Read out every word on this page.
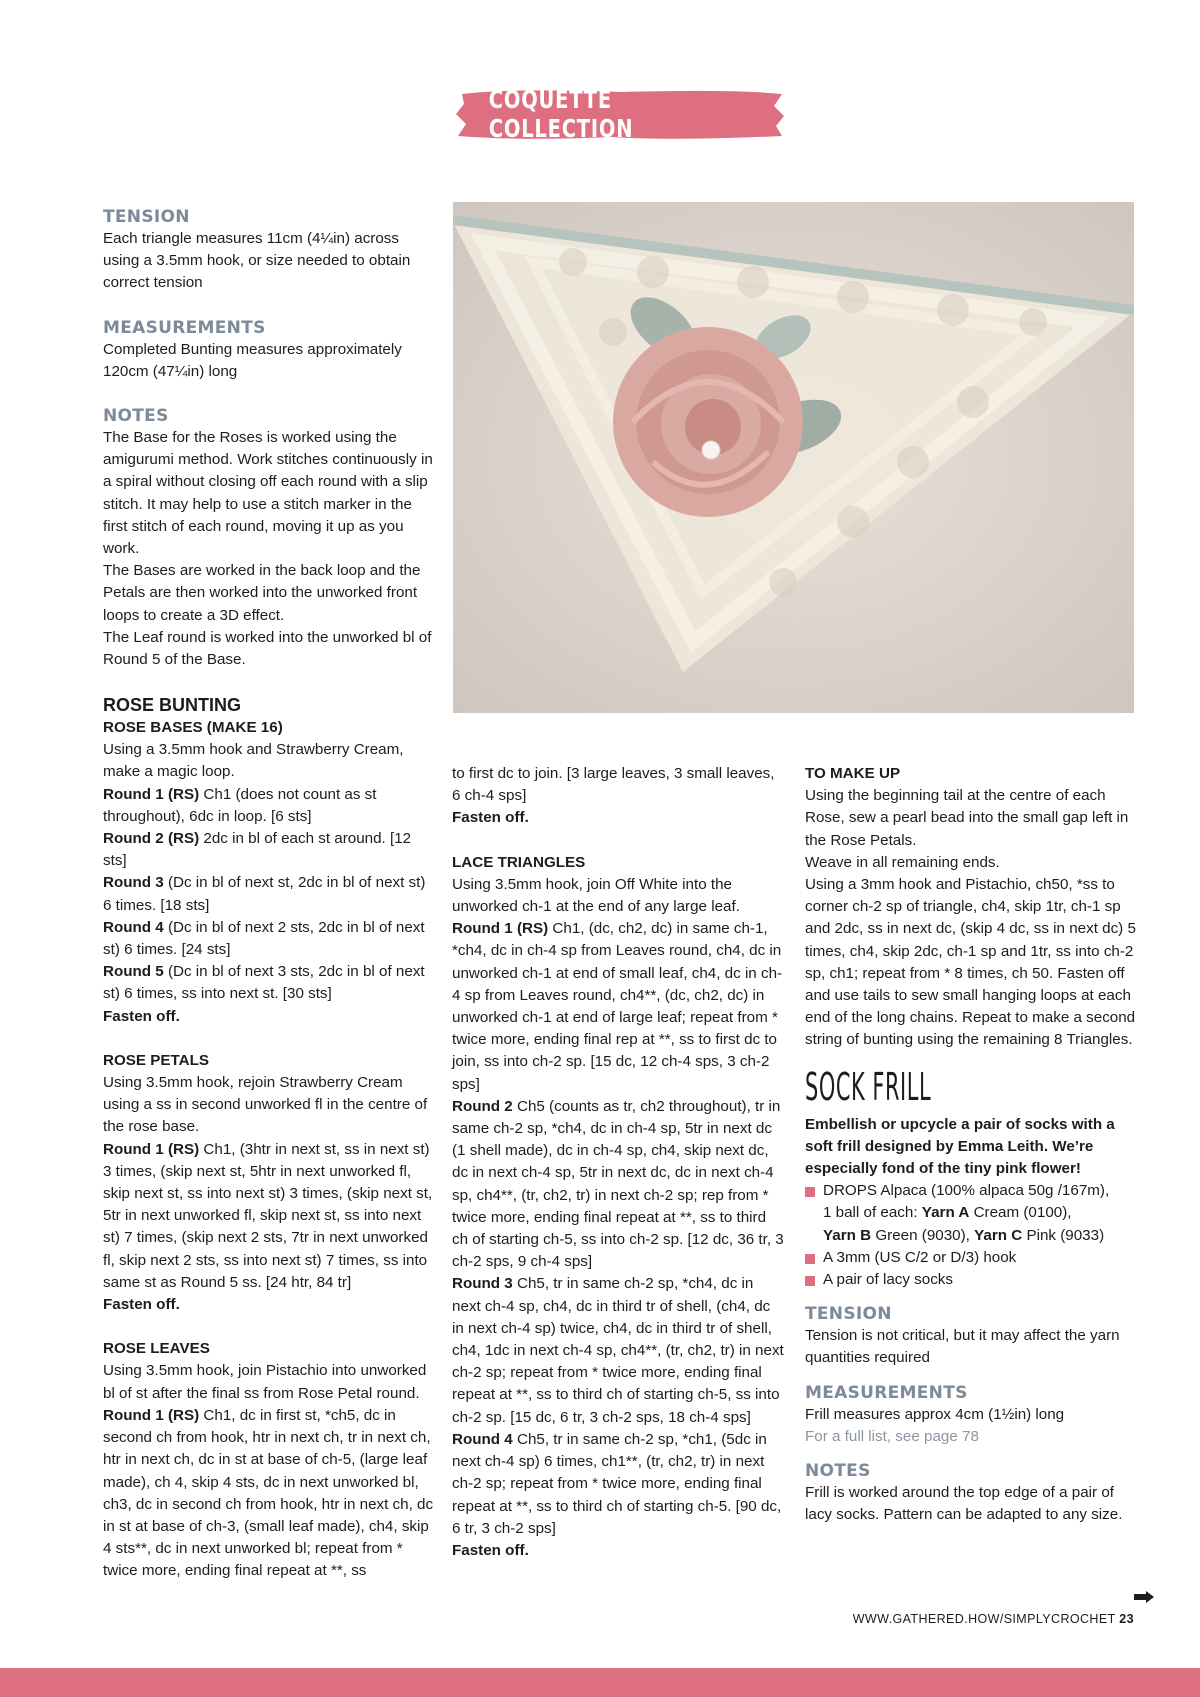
COQUETTE COLLECTION
TENSION

Each triangle measures 11cm (4¼in) across using a 3.5mm hook, or size needed to obtain correct tension

MEASUREMENTS

Completed Bunting measures approximately 120cm (47¼in) long

NOTES

The Base for the Roses is worked using the amigurumi method. Work stitches continuously in a spiral without closing off each round with a slip stitch. It may help to use a stitch marker in the first stitch of each round, moving it up as you work.

The Bases are worked in the back loop and the Petals are then worked into the unworked front loops to create a 3D effect.

The Leaf round is worked into the unworked bl of Round 5 of the Base.

ROSE BUNTING
ROSE BASES (MAKE 16)

Using a 3.5mm hook and Strawberry Cream, make a magic loop.

Round 1 (RS) Ch1 (does not count as st throughout), 6dc in loop. [6 sts]

Round 2 (RS) 2dc in bl of each st around. [12 sts]

Round 3 (Dc in bl of next st, 2dc in bl of next st) 6 times. [18 sts]

Round 4 (Dc in bl of next 2 sts, 2dc in bl of next st) 6 times. [24 sts]

Round 5 (Dc in bl of next 3 sts, 2dc in bl of next st) 6 times, ss into next st. [30 sts]

Fasten off.

ROSE PETALS

Using 3.5mm hook, rejoin Strawberry Cream using a ss in second unworked fl in the centre of the rose base.

Round 1 (RS) Ch1, (3htr in next st, ss in next st) 3 times, (skip next st, 5htr in next unworked fl, skip next st, ss into next st) 3 times, (skip next st, 5tr in next unworked fl, skip next st, ss into next st) 7 times, (skip next 2 sts, 7tr in next unworked fl, skip next 2 sts, ss into next st) 7 times, ss into same st as Round 5 ss. [24 htr, 84 tr]

Fasten off.

ROSE LEAVES

Using 3.5mm hook, join Pistachio into unworked bl of st after the final ss from Rose Petal round.

Round 1 (RS) Ch1, dc in first st, *ch5, dc in second ch from hook, htr in next ch, tr in next ch, htr in next ch, dc in st at base of ch-5, (large leaf made), ch 4, skip 4 sts, dc in next unworked bl, ch3, dc in second ch from hook, htr in next ch, dc in st at base of ch-3, (small leaf made), ch4, skip 4 sts**, dc in next unworked bl; repeat from * twice more, ending final repeat at **, ss

to first dc to join. [3 large leaves, 3 small leaves, 6 ch-4 sps]

Fasten off.

LACE TRIANGLES

Using 3.5mm hook, join Off White into the unworked ch-1 at the end of any large leaf.

Round 1 (RS) Ch1, (dc, ch2, dc) in same ch-1, *ch4, dc in ch-4 sp from Leaves round, ch4, dc in unworked ch-1 at end of small leaf, ch4, dc in ch-4 sp from Leaves round, ch4**, (dc, ch2, dc) in unworked ch-1 at end of large leaf; repeat from * twice more, ending final rep at **, ss to first dc to join, ss into ch-2 sp. [15 dc, 12 ch-4 sps, 3 ch-2 sps]

Round 2 Ch5 (counts as tr, ch2 throughout), tr in same ch-2 sp, *ch4, dc in ch-4 sp, 5tr in next dc (1 shell made), dc in ch-4 sp, ch4, skip next dc, dc in next ch-4 sp, 5tr in next dc, dc in next ch-4 sp, ch4**, (tr, ch2, tr) in next ch-2 sp; rep from * twice more, ending final repeat at **, ss to third ch of starting ch-5, ss into ch-2 sp. [12 dc, 36 tr, 3 ch-2 sps, 9 ch-4 sps]

Round 3 Ch5, tr in same ch-2 sp, *ch4, dc in next ch-4 sp, ch4, dc in third tr of shell, (ch4, dc in next ch-4 sp) twice, ch4, dc in third tr of shell, ch4, 1dc in next ch-4 sp, ch4**, (tr, ch2, tr) in next ch-2 sp; repeat from * twice more, ending final repeat at **, ss to third ch of starting ch-5, ss into ch-2 sp. [15 dc, 6 tr, 3 ch-2 sps, 18 ch-4 sps]

Round 4 Ch5, tr in same ch-2 sp, *ch1, (5dc in next ch-4 sp) 6 times, ch1**, (tr, ch2, tr) in next ch-2 sp; repeat from * twice more, ending final repeat at **, ss to third ch of starting ch-5. [90 dc, 6 tr, 3 ch-2 sps]

Fasten off.

TO MAKE UP

Using the beginning tail at the centre of each Rose, sew a pearl bead into the small gap left in the Rose Petals.

Weave in all remaining ends.

Using a 3mm hook and Pistachio, ch50, *ss to corner ch-2 sp of triangle, ch4, skip 1tr, ch-1 sp and 2dc, ss in next dc, (skip 4 dc, ss in next dc) 5 times, ch4, skip 2dc, ch-1 sp and 1tr, ss into ch-2 sp, ch1; repeat from * 8 times, ch 50. Fasten off and use tails to sew small hanging loops at each end of the long chains. Repeat to make a second string of bunting using the remaining 8 Triangles.

SOCK FRILL

Embellish or upcycle a pair of socks with a soft frill designed by Emma Leith. We’re especially fond of the tiny pink flower!

DROPS Alpaca (100% alpaca 50g /167m),

1 ball of each: Yarn A Cream (0100),

Yarn B Green (9030), Yarn C Pink (9033)

A 3mm (US C/2 or D/3) hook
A pair of lacy socks
TENSION

Tension is not critical, but it may affect the yarn quantities required

MEASUREMENTS

Frill measures approx 4cm (1½in) long

For a full list, see page 78

NOTES

Frill is worked around the top edge of a pair of lacy socks. Pattern can be adapted to any size.

WWW.GATHERED.HOW/SIMPLYCROCHET 23
